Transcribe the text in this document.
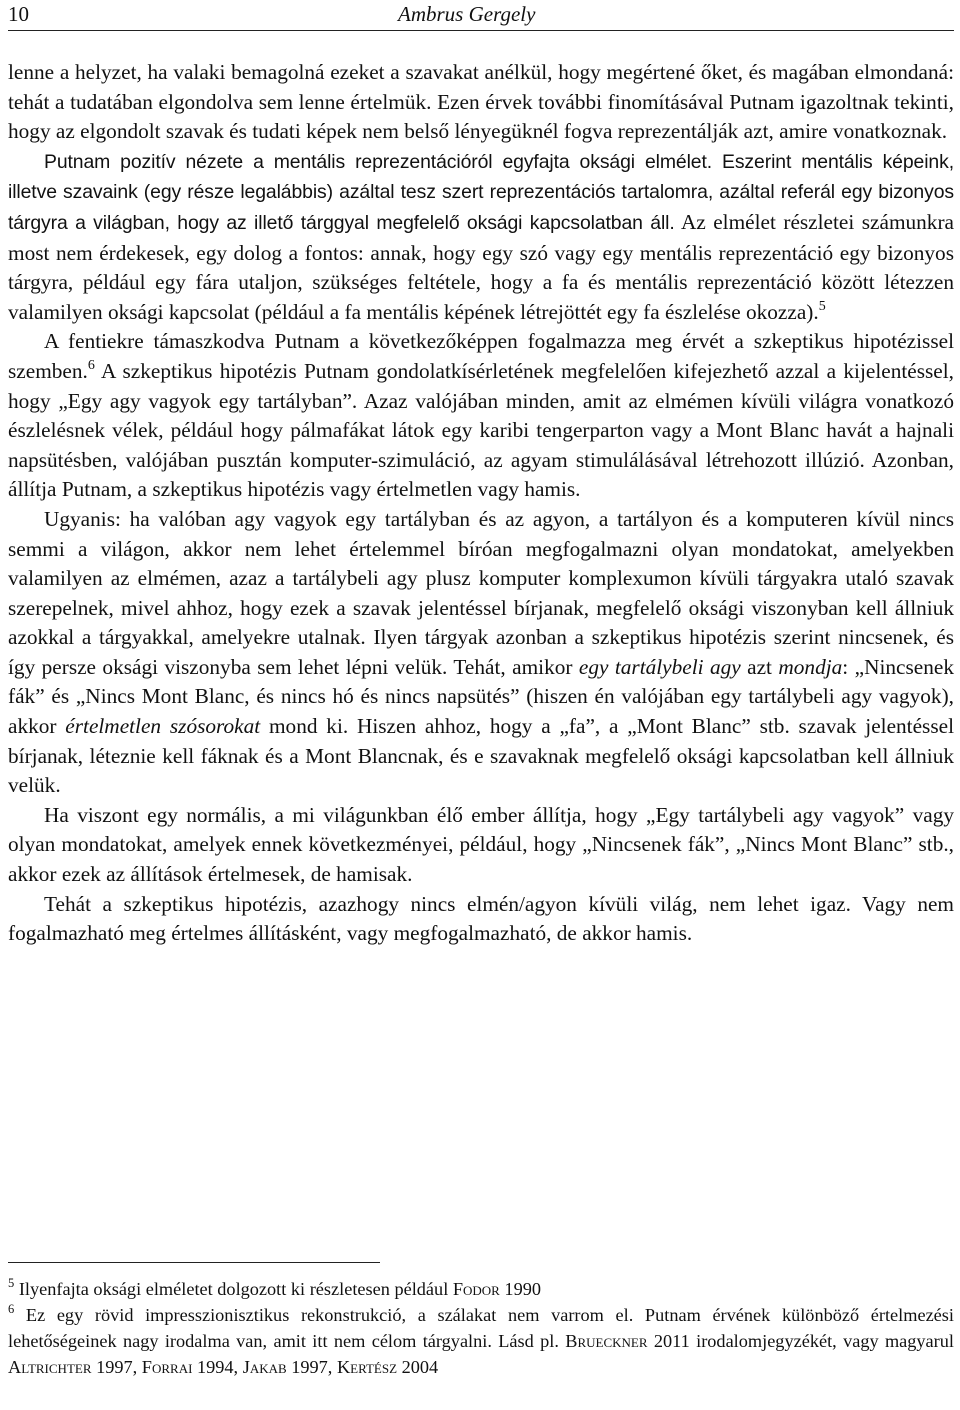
10	Ambrus Gergely

lenne a helyzet, ha valaki bemagolná ezeket a szavakat anélkül, hogy megértené őket, és magában elmondaná: tehát a tudatában elgondolva sem lenne értelmük. Ezen érvek további finomításával Putnam igazoltnak tekinti, hogy az elgondolt szavak és tudati képek nem belső lényegüknél fogva reprezentálják azt, amire vonatkoznak.

Putnam pozitív nézete a mentális reprezentációról egyfajta oksági elmélet. Eszerint mentális képeink, illetve szavaink (egy része legalábbis) azáltal tesz szert reprezentációs tartalomra, azáltal referál egy bizonyos tárgyra a világban, hogy az illető tárggyal megfelelő oksági kapcsolatban áll. Az elmélet részletei számunkra most nem érdekesek, egy dolog a fontos: annak, hogy egy szó vagy egy mentális reprezentáció egy bizonyos tárgyra, például egy fára utaljon, szükséges feltétele, hogy a fa és mentális reprezentáció között létezzen valamilyen oksági kapcsolat (például a fa mentális képének létrejöttét egy fa észlelése okozza).$^5$

A fentiekre támaszkodva Putnam a következőképpen fogalmazza meg érvét a szkeptikus hipotézissel szemben.$^6$ A szkeptikus hipotézis Putnam gondolatkísérletének megfelelően kifejezhető azzal a kijelentéssel, hogy „Egy agy vagyok egy tartályban”. Azaz valójában minden, amit az elmémen kívüli világra vonatkozó észlelésnek vélek, például hogy pálmafákat látok egy karibi tengerparton vagy a Mont Blanc havát a hajnali napsütésben, valójában pusztán komputer-szimuláció, az agyam stimulálásával létrehozott illúzió. Azonban, állítja Putnam, a szkeptikus hipotézis vagy értelmetlen vagy hamis.

Ugyanis: ha valóban agy vagyok egy tartályban és az agyon, a tartályon és a komputeren kívül nincs semmi a világon, akkor nem lehet értelemmel bíróan megfogalmazni olyan mondatokat, amelyekben valamilyen az elmémen, azaz a tartálybeli agy plusz komputer komplexumon kívüli tárgyakra utaló szavak szerepelnek, mivel ahhoz, hogy ezek a szavak jelentéssel bírjanak, megfelelő oksági viszonyban kell állniuk azokkal a tárgyakkal, amelyekre utalnak. Ilyen tárgyak azonban a szkeptikus hipotézis szerint nincsenek, és így persze oksági viszonyba sem lehet lépni velük. Tehát, amikor egy tartálybeli agy azt mondja: „Nincsenek fák” és „Nincs Mont Blanc, és nincs hó és nincs napsütés” (hiszen én valójában egy tartálybeli agy vagyok), akkor értelmetlen szósorokat mond ki. Hiszen ahhoz, hogy a „fa”, a „Mont Blanc” stb. szavak jelentéssel bírjanak, léteznie kell fáknak és a Mont Blancnak, és e szavaknak megfelelő oksági kapcsolatban kell állniuk velük.

Ha viszont egy normális, a mi világunkban élő ember állítja, hogy „Egy tartálybeli agy vagyok” vagy olyan mondatokat, amelyek ennek következményei, például, hogy „Nincsenek fák”, „Nincs Mont Blanc” stb., akkor ezek az állítások értelmesek, de hamisak.

Tehát a szkeptikus hipotézis, azazhogy nincs elmén/agyon kívüli világ, nem lehet igaz. Vagy nem fogalmazható meg értelmes állításként, vagy megfogalmazható, de akkor hamis.

$^5$ Ilyenfajta oksági elméletet dolgozott ki részletesen például Fodor 1990

$^6$ Ez egy rövid impresszionisztikus rekonstrukció, a szálakat nem varrom el. Putnam érvének különböző értelmezési lehetőségeinek nagy irodalma van, amit itt nem célom tárgyalni. Lásd pl. Brueckner 2011 irodalomjegyzékét, vagy magyarul Altrichter 1997, Forrai 1994, Jakab 1997, Kertész 2004
